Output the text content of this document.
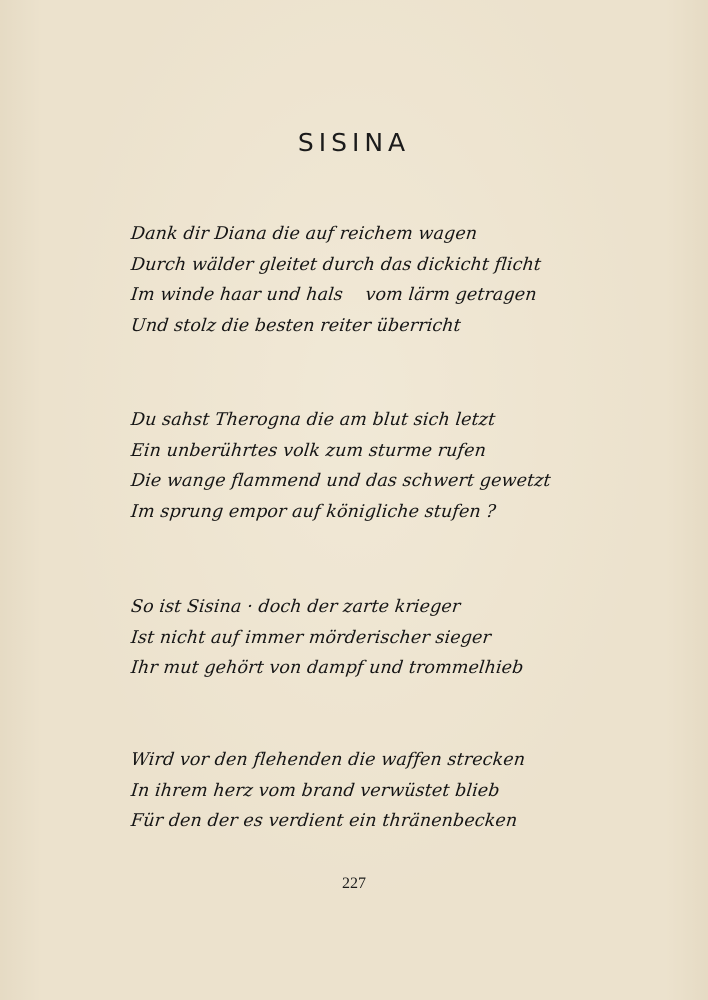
SISINA
Dank dir Diana die auf reichem wagen
Durch wälder gleitet durch das dickicht flicht
Im winde haar und hals    vom lärm getragen
Und stolz die besten reiter überricht
Du sahst Therogna die am blut sich letzt
Ein unberührtes volk zum sturme rufen
Die wange flammend und das schwert gewetzt
Im sprung empor auf königliche stufen ?
So ist Sisina · doch der zarte krieger
Ist nicht auf immer mörderischer sieger
Ihr mut gehört von dampf und trommelhieb
Wird vor den flehenden die waffen strecken
In ihrem herz vom brand verwüstet blieb
Für den der es verdient ein thränenbecken
227
